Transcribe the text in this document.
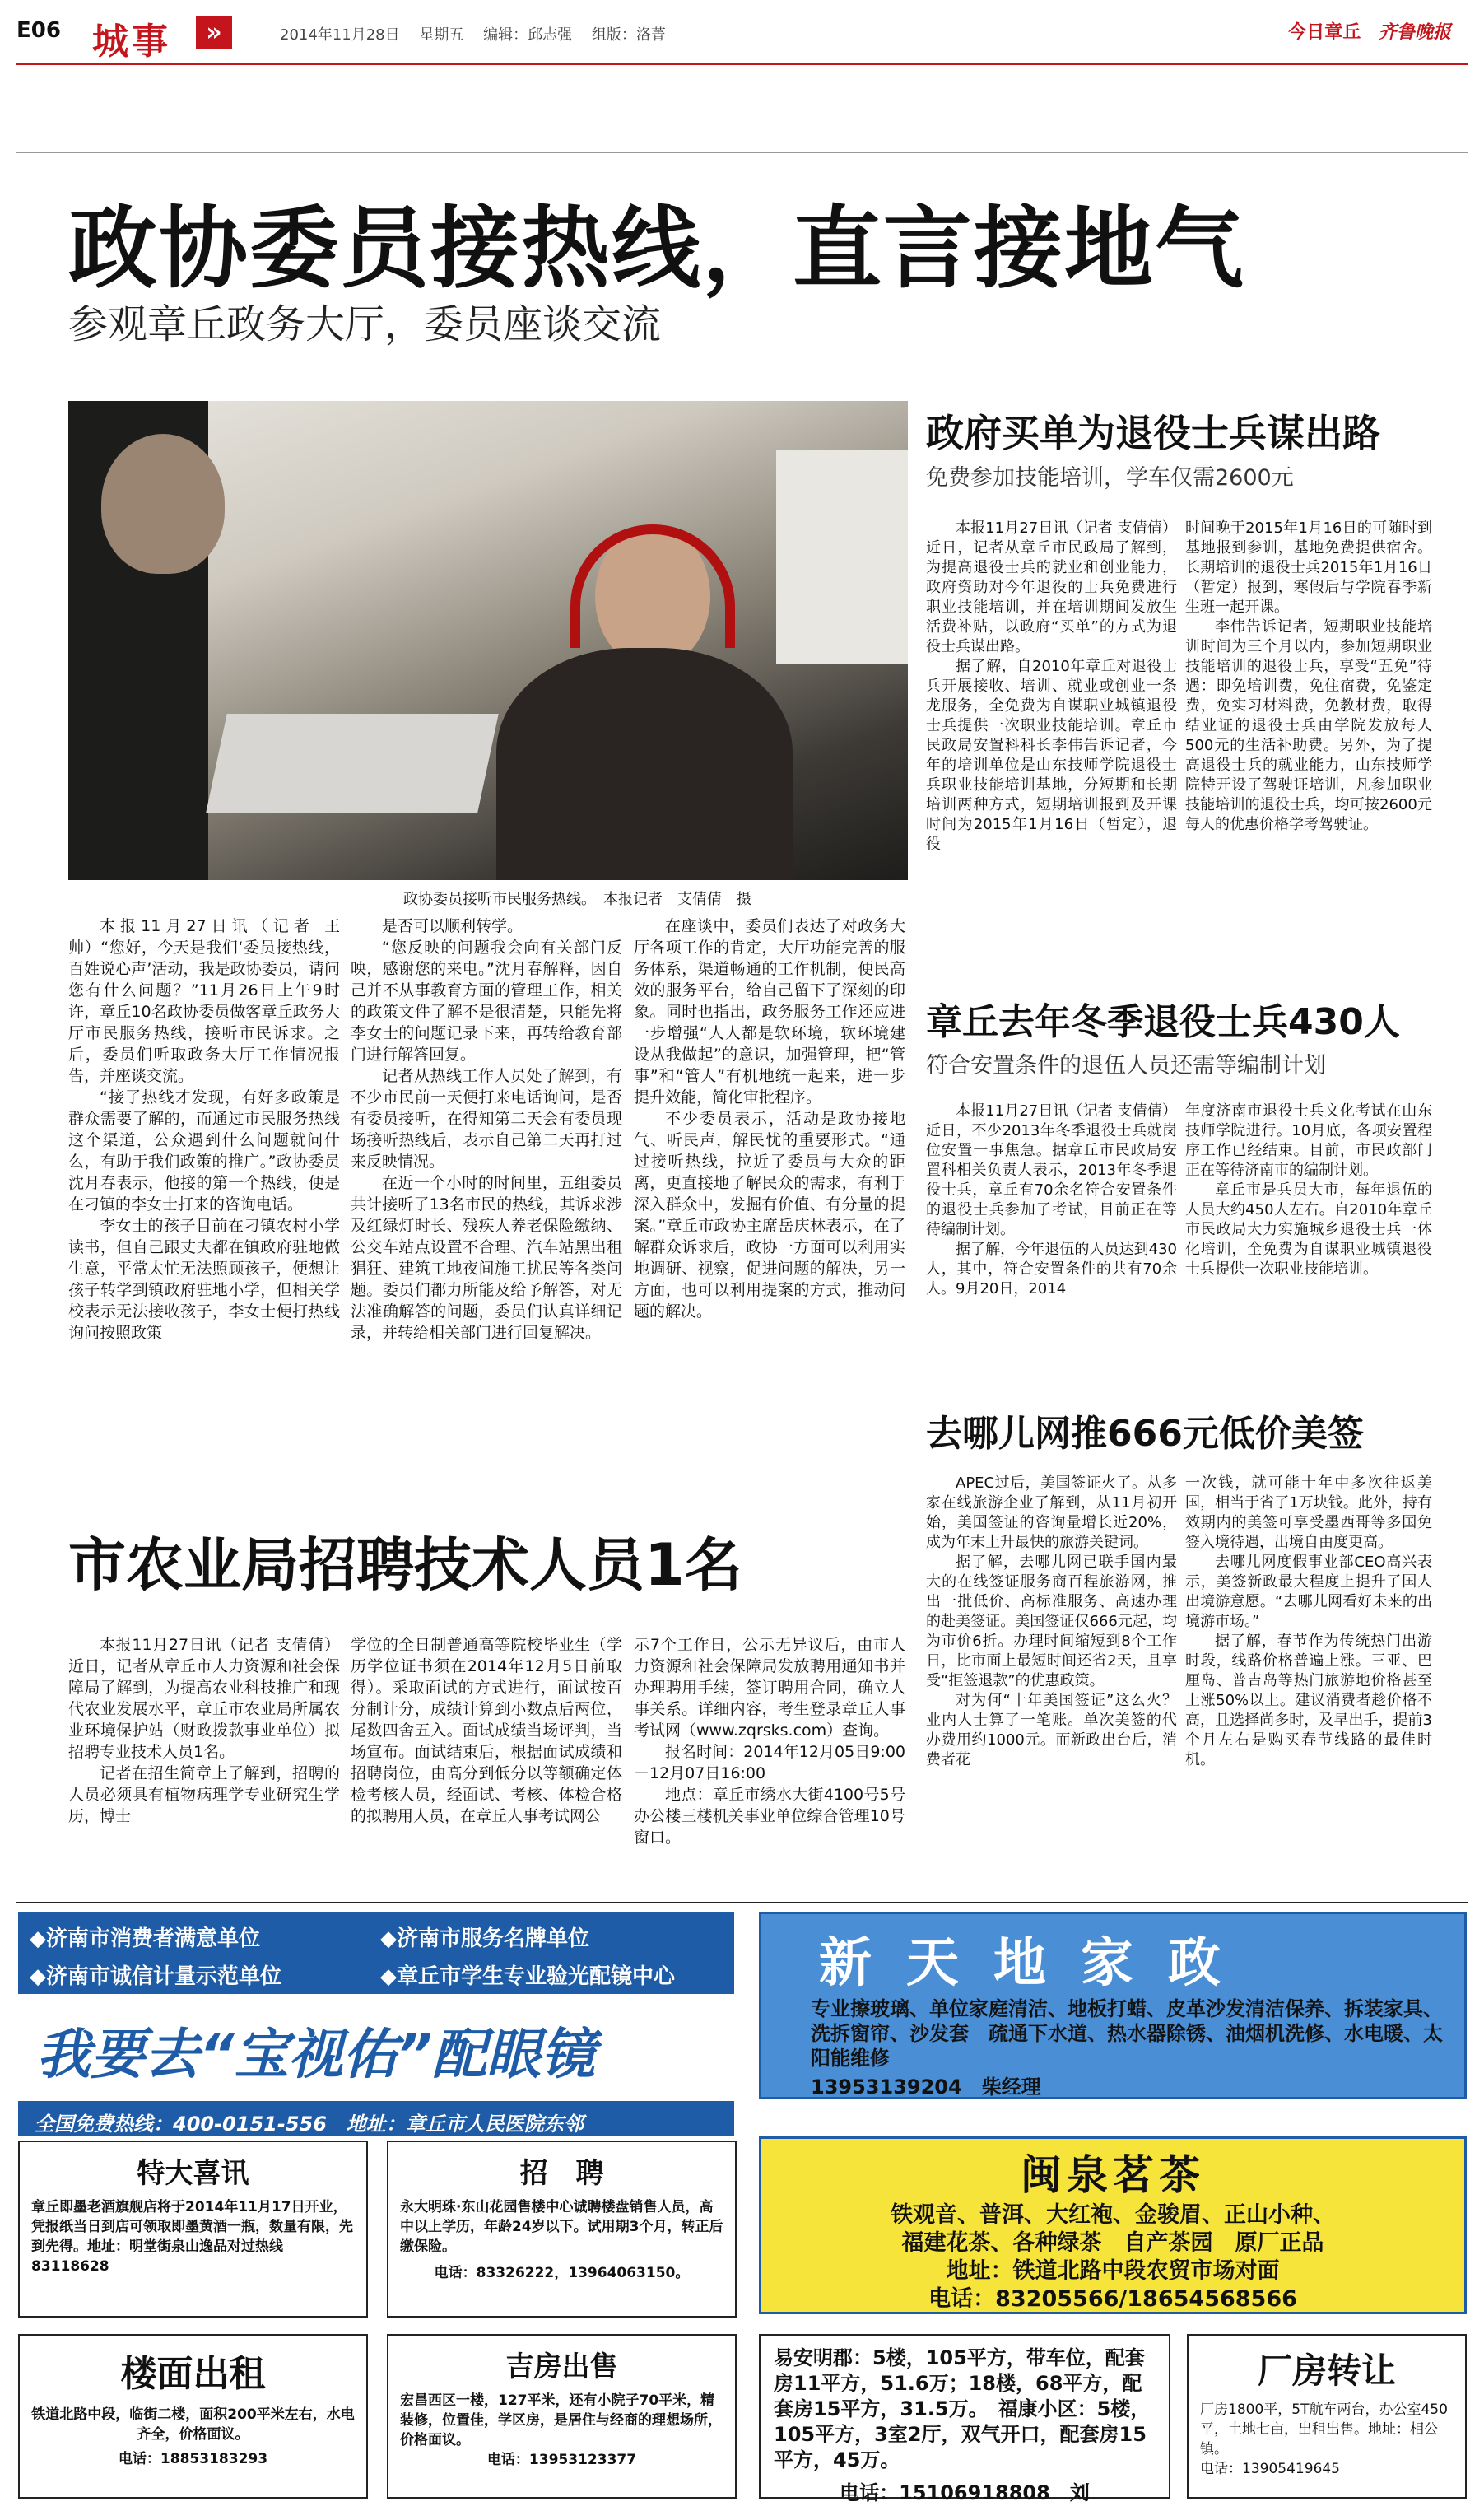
E06 城事	»	2014年11月28日 星期五 编辑：邱志强 组版：洛菁	今日章丘 齐鲁晚报
政协委员接热线，直言接地气
参观章丘政务大厅，委员座谈交流
政协委员接听市民服务热线。　本报记者　支倩倩　摄

本报11月27日讯（记者 王帅）“您好，今天是我们‘委员接热线，百姓说心声’活动，我是政协委员，请问您有什么问题？”11月26日上午9时许，章丘10名政协委员做客章丘政务大厅市民服务热线，接听市民诉求。之后，委员们听取政务大厅工作情况报告，并座谈交流。

“接了热线才发现，有好多政策是群众需要了解的，而通过市民服务热线这个渠道，公众遇到什么问题就问什么，有助于我们政策的推广。”政协委员沈月春表示，他接的第一个热线，便是在刁镇的李女士打来的咨询电话。

李女士的孩子目前在刁镇农村小学读书，但自己跟丈夫都在镇政府驻地做生意，平常太忙无法照顾孩子，便想让孩子转学到镇政府驻地小学，但相关学校表示无法接收孩子，李女士便打热线询问按照政策

是否可以顺利转学。

“您反映的问题我会向有关部门反映，感谢您的来电。”沈月春解释，因自己并不从事教育方面的管理工作，相关的政策文件了解不是很清楚，只能先将李女士的问题记录下来，再转给教育部门进行解答回复。

记者从热线工作人员处了解到，有不少市民前一天便打来电话询问，是否有委员接听，在得知第二天会有委员现场接听热线后，表示自己第二天再打过来反映情况。

在近一个小时的时间里，五组委员共计接听了13名市民的热线，其诉求涉及红绿灯时长、残疾人养老保险缴纳、公交车站点设置不合理、汽车站黑出租猖狂、建筑工地夜间施工扰民等各类问题。委员们都力所能及给予解答，对无法准确解答的问题，委员们认真详细记录，并转给相关部门进行回复解决。

在座谈中，委员们表达了对政务大厅各项工作的肯定，大厅功能完善的服务体系，渠道畅通的工作机制，便民高效的服务平台，给自己留下了深刻的印象。同时也指出，政务服务工作还应进一步增强“人人都是软环境，软环境建设从我做起”的意识，加强管理，把“管事”和“管人”有机地统一起来，进一步提升效能，简化审批程序。

不少委员表示，活动是政协接地气、听民声，解民忧的重要形式。“通过接听热线，拉近了委员与大众的距离，更直接地了解民众的需求，有利于深入群众中，发掘有价值、有分量的提案。”章丘市政协主席岳庆林表示，在了解群众诉求后，政协一方面可以利用实地调研、视察，促进问题的解决，另一方面，也可以利用提案的方式，推动问题的解决。

政府买单为退役士兵谋出路
免费参加技能培训，学车仅需2600元

本报11月27日讯（记者 支倩倩）近日，记者从章丘市民政局了解到，为提高退役士兵的就业和创业能力，政府资助对今年退役的士兵免费进行职业技能培训，并在培训期间发放生活费补贴，以政府“买单”的方式为退役士兵谋出路。

据了解，自2010年章丘对退役士兵开展接收、培训、就业或创业一条龙服务，全免费为自谋职业城镇退役士兵提供一次职业技能培训。章丘市民政局安置科科长李伟告诉记者，今年的培训单位是山东技师学院退役士兵职业技能培训基地，分短期和长期培训两种方式，短期培训报到及开课时间为2015年1月16日（暂定），退役

时间晚于2015年1月16日的可随时到基地报到参训，基地免费提供宿舍。长期培训的退役士兵2015年1月16日（暂定）报到，寒假后与学院春季新生班一起开课。

李伟告诉记者，短期职业技能培训时间为三个月以内，参加短期职业技能培训的退役士兵，享受“五免”待遇：即免培训费，免住宿费，免鉴定费，免实习材料费，免教材费，取得结业证的退役士兵由学院发放每人500元的生活补助费。另外，为了提高退役士兵的就业能力，山东技师学院特开设了驾驶证培训，凡参加职业技能培训的退役士兵，均可按2600元每人的优惠价格学考驾驶证。

章丘去年冬季退役士兵430人
符合安置条件的退伍人员还需等编制计划

本报11月27日讯（记者 支倩倩）近日，不少2013年冬季退役士兵就岗位安置一事焦急。据章丘市民政局安置科相关负责人表示，2013年冬季退役士兵，章丘有70余名符合安置条件的退役士兵参加了考试，目前正在等待编制计划。

据了解，今年退伍的人员达到430人，其中，符合安置条件的共有70余人。9月20日，2014

年度济南市退役士兵文化考试在山东技师学院进行。10月底，各项安置程序工作已经结束。目前，市民政部门正在等待济南市的编制计划。

章丘市是兵员大市，每年退伍的人员大约450人左右。自2010年章丘市民政局大力实施城乡退役士兵一体化培训，全免费为自谋职业城镇退役士兵提供一次职业技能培训。

去哪儿网推666元低价美签

APEC过后，美国签证火了。从多家在线旅游企业了解到，从11月初开始，美国签证的咨询量增长近20%，成为年末上升最快的旅游关键词。

据了解，去哪儿网已联手国内最大的在线签证服务商百程旅游网，推出一批低价、高标准服务、高速办理的赴美签证。美国签证仅666元起，均为市价6折。办理时间缩短到8个工作日，比市面上最短时间还省2天，且享受“拒签退款”的优惠政策。

对为何“十年美国签证”这么火？业内人士算了一笔账。单次美签的代办费用约1000元。而新政出台后，消费者花

一次钱，就可能十年中多次往返美国，相当于省了1万块钱。此外，持有效期内的美签可享受墨西哥等多国免签入境待遇，出境自由度更高。

去哪儿网度假事业部CEO高兴表示，美签新政最大程度上提升了国人出境游意愿。“去哪儿网看好未来的出境游市场。”

据了解，春节作为传统热门出游时段，线路价格普遍上涨。三亚、巴厘岛、普吉岛等热门旅游地价格甚至上涨50%以上。建议消费者趁价格不高，且选择尚多时，及早出手，提前3个月左右是购买春节线路的最佳时机。

市农业局招聘技术人员1名

本报11月27日讯（记者 支倩倩）近日，记者从章丘市人力资源和社会保障局了解到，为提高农业科技推广和现代农业发展水平，章丘市农业局所属农业环境保护站（财政拨款事业单位）拟招聘专业技术人员1名。

记者在招生简章上了解到，招聘的人员必须具有植物病理学专业研究生学历，博士

学位的全日制普通高等院校毕业生（学历学位证书须在2014年12月5日前取得）。采取面试的方式进行，面试按百分制计分，成绩计算到小数点后两位，尾数四舍五入。面试成绩当场评判，当场宣布。面试结束后，根据面试成绩和招聘岗位，由高分到低分以等额确定体检考核人员，经面试、考核、体检合格的拟聘用人员，在章丘人事考试网公

示7个工作日，公示无异议后，由市人力资源和社会保障局发放聘用通知书并办理聘用手续，签订聘用合同，确立人事关系。详细内容，考生登录章丘人事考试网（www.zqrsks.com）查询。

报名时间：2014年12月05日9:00－12月07日16:00

地点：章丘市绣水大街4100号5号办公楼三楼机关事业单位综合管理10号窗口。

◆济南市消费者满意单位	◆济南市服务名牌单位
◆济南市诚信计量示范单位	◆章丘市学生专业验光配镜中心
我要去“宝视佑”配眼镜
全国免费热线：400-0151-556　地址：章丘市人民医院东邻
新天地家政
专业擦玻璃、单位家庭清洁、地板打蜡、皮革沙发清洁保养、拆装家具、洗拆窗帘、沙发套　疏通下水道、热水器除锈、油烟机洗修、水电暖、太阳能维修
13953139204　柴经理
闽泉茗茶
铁观音、普洱、大红袍、金骏眉、正山小种、
福建花茶、各种绿茶　自产茶园　原厂正品
地址：铁道北路中段农贸市场对面
电话：83205566/18654568566
特大喜讯
章丘即墨老酒旗舰店将于2014年11月17日开业，凭报纸当日到店可领取即墨黄酒一瓶，数量有限，先到先得。地址：明堂街泉山逸品对过热线83118628
招　聘
永大明珠·东山花园售楼中心诚聘楼盘销售人员，高中以上学历，年龄24岁以下。试用期3个月，转正后缴保险。
电话：83326222，13964063150。
楼面出租
铁道北路中段，临街二楼，面积200平米左右，水电齐全，价格面议。
电话：18853183293
吉房出售
宏昌西区一楼，127平米，还有小院子70平米，精装修，位置佳，学区房，是居住与经商的理想场所，价格面议。
电话：13953123377
易安明郡：5楼，105平方，带车位，配套房11平方，51.6万；18楼，68平方，配套房15平方，31.5万。　福康小区：5楼，105平方，3室2厅，双气开口，配套房15平方，45万。
电话：15106918808　刘
厂房转让
厂房1800平，5T航车两台，办公室450平，土地七亩，出租出售。地址：相公镇。
电话：13905419645
